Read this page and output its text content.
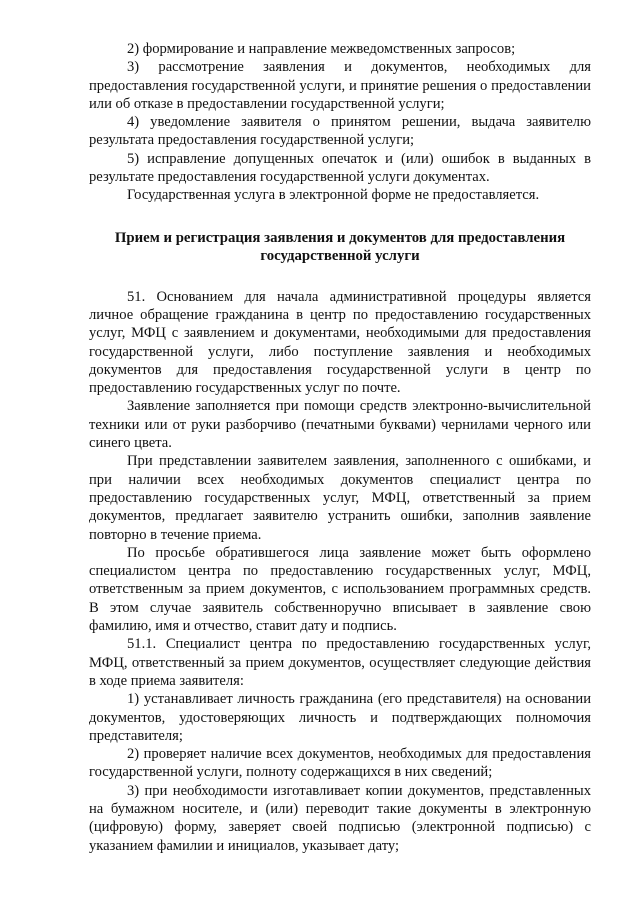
2) формирование и направление межведомственных запросов;

3) рассмотрение заявления и документов, необходимых для предоставления государственной услуги, и принятие решения о предоставлении или об отказе в предоставлении государственной услуги;

4) уведомление заявителя о принятом решении, выдача заявителю результата предоставления государственной услуги;

5) исправление допущенных опечаток и (или) ошибок в выданных в результате предоставления государственной услуги документах.

Государственная услуга в электронной форме не предоставляется.

Прием и регистрация заявления и документов для предоставления государственной услуги

51. Основанием для начала административной процедуры является личное обращение гражданина в центр по предоставлению государственных услуг, МФЦ с заявлением и документами, необходимыми для предоставления государственной услуги, либо поступление заявления и необходимых документов для предоставления государственной услуги в центр по предоставлению государственных услуг по почте.

Заявление заполняется при помощи средств электронно-вычислительной техники или от руки разборчиво (печатными буквами) чернилами черного или синего цвета.

При представлении заявителем заявления, заполненного с ошибками, и при наличии всех необходимых документов специалист центра по предоставлению государственных услуг, МФЦ, ответственный за прием документов, предлагает заявителю устранить ошибки, заполнив заявление повторно в течение приема.

По просьбе обратившегося лица заявление может быть оформлено специалистом центра по предоставлению государственных услуг, МФЦ, ответственным за прием документов, с использованием программных средств. В этом случае заявитель собственноручно вписывает в заявление свою фамилию, имя и отчество, ставит дату и подпись.

51.1. Специалист центра по предоставлению государственных услуг, МФЦ, ответственный за прием документов, осуществляет следующие действия в ходе приема заявителя:

1) устанавливает личность гражданина (его представителя) на основании документов, удостоверяющих личность и подтверждающих полномочия представителя;

2) проверяет наличие всех документов, необходимых для предоставления государственной услуги, полноту содержащихся в них сведений;

3) при необходимости изготавливает копии документов, представленных на бумажном носителе, и (или) переводит такие документы в электронную (цифровую) форму, заверяет своей подписью (электронной подписью) с указанием фамилии и инициалов, указывает дату;
